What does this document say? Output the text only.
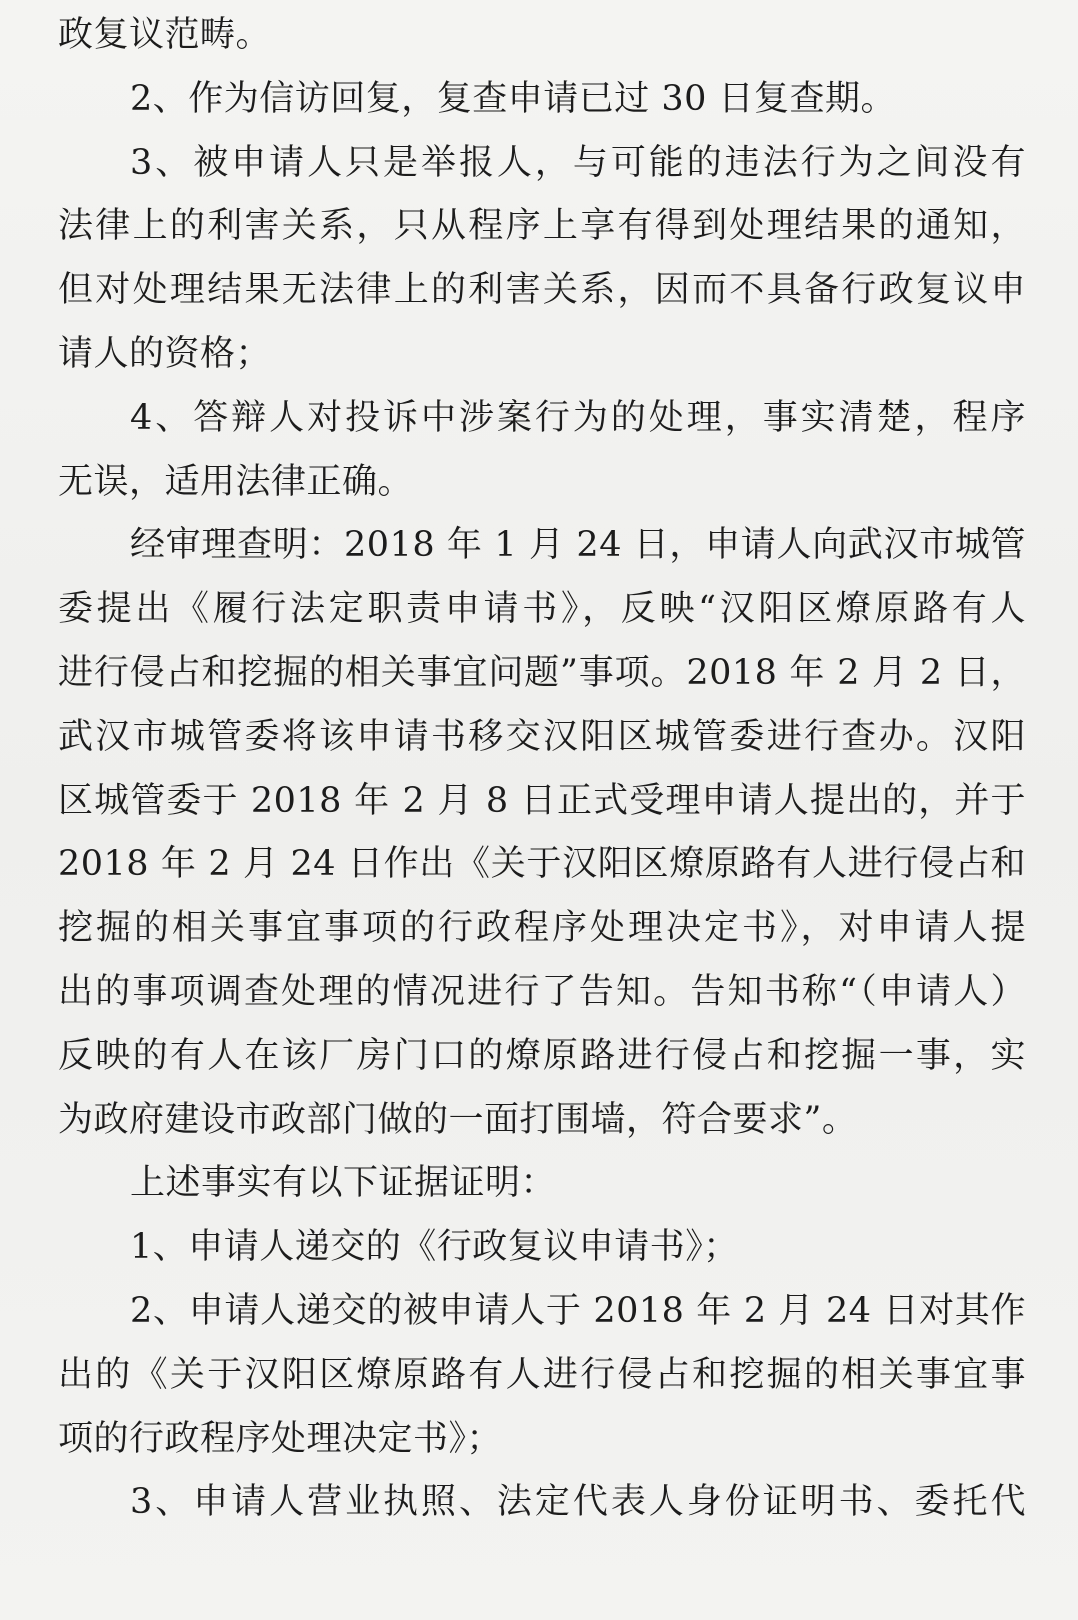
政复议范畴。

2、作为信访回复，复查申请已过 30 日复查期。

3、被申请人只是举报人，与可能的违法行为之间没有

法律上的利害关系，只从程序上享有得到处理结果的通知，

但对处理结果无法律上的利害关系，因而不具备行政复议申

请人的资格；

4、答辩人对投诉中涉案行为的处理，事实清楚，程序

无误，适用法律正确。

经审理查明：2018 年 1 月 24 日，申请人向武汉市城管

委提出《履行法定职责申请书》，反映“汉阳区燎原路有人

进行侵占和挖掘的相关事宜问题”事项。2018 年 2 月 2 日，

武汉市城管委将该申请书移交汉阳区城管委进行查办。汉阳

区城管委于 2018 年 2 月 8 日正式受理申请人提出的，并于

2018 年 2 月 24 日作出《关于汉阳区燎原路有人进行侵占和

挖掘的相关事宜事项的行政程序处理决定书》，对申请人提

出的事项调查处理的情况进行了告知。告知书称“（申请人）

反映的有人在该厂房门口的燎原路进行侵占和挖掘一事，实

为政府建设市政部门做的一面打围墙，符合要求”。

上述事实有以下证据证明：

1、申请人递交的《行政复议申请书》；

2、申请人递交的被申请人于 2018 年 2 月 24 日对其作

出的《关于汉阳区燎原路有人进行侵占和挖掘的相关事宜事

项的行政程序处理决定书》；

3、申请人营业执照、法定代表人身份证明书、委托代
